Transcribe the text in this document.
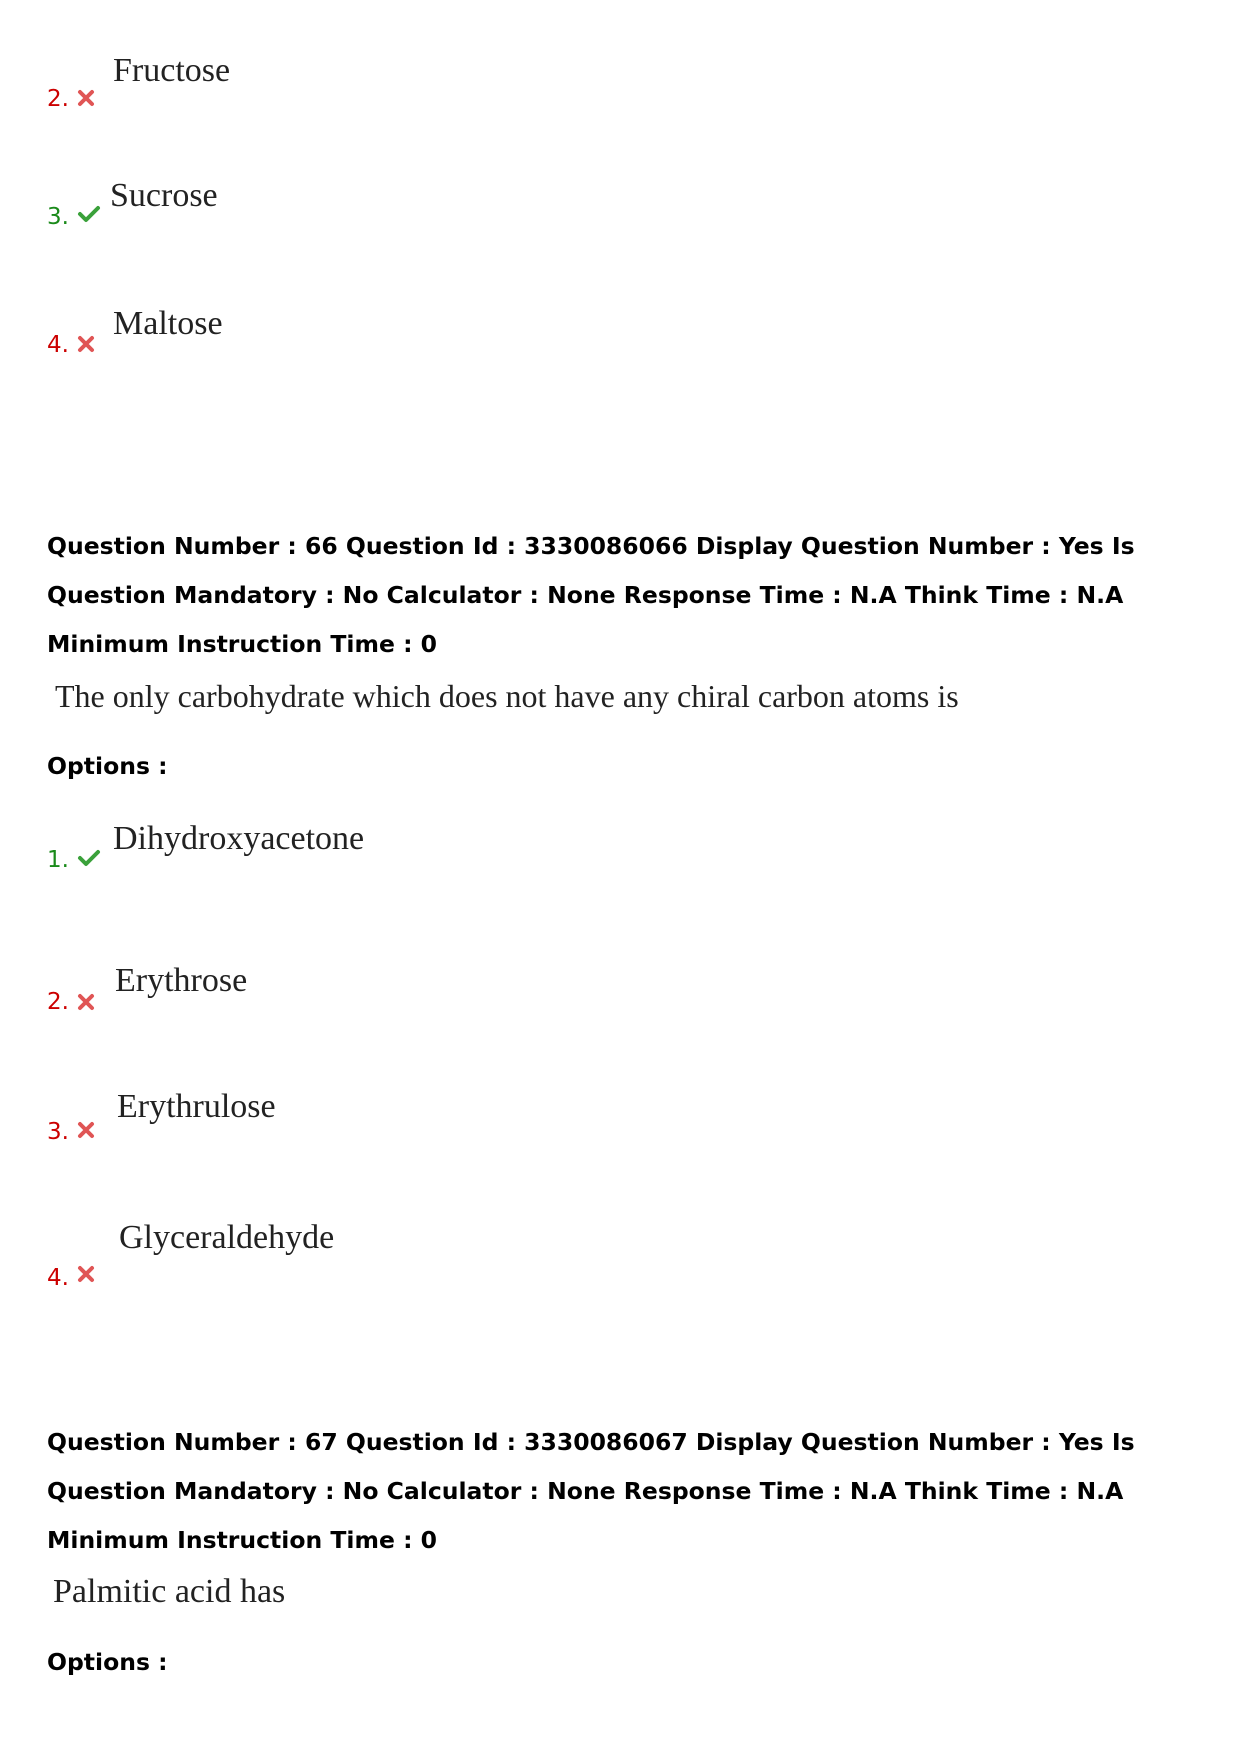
2.
Fructose
3.
Sucrose
4.
Maltose

Question Number : 66 Question Id : 3330086066 Display Question Number : Yes Is Question Mandatory : No Calculator : None Response Time : N.A Think Time : N.A Minimum Instruction Time : 0

The only carbohydrate which does not have any chiral carbon atoms is
Options :
1.
Dihydroxyacetone
2.
Erythrose
3.
Erythrulose
4.
Glyceraldehyde

Question Number : 67 Question Id : 3330086067 Display Question Number : Yes Is Question Mandatory : No Calculator : None Response Time : N.A Think Time : N.A Minimum Instruction Time : 0

Palmitic acid has
Options :
